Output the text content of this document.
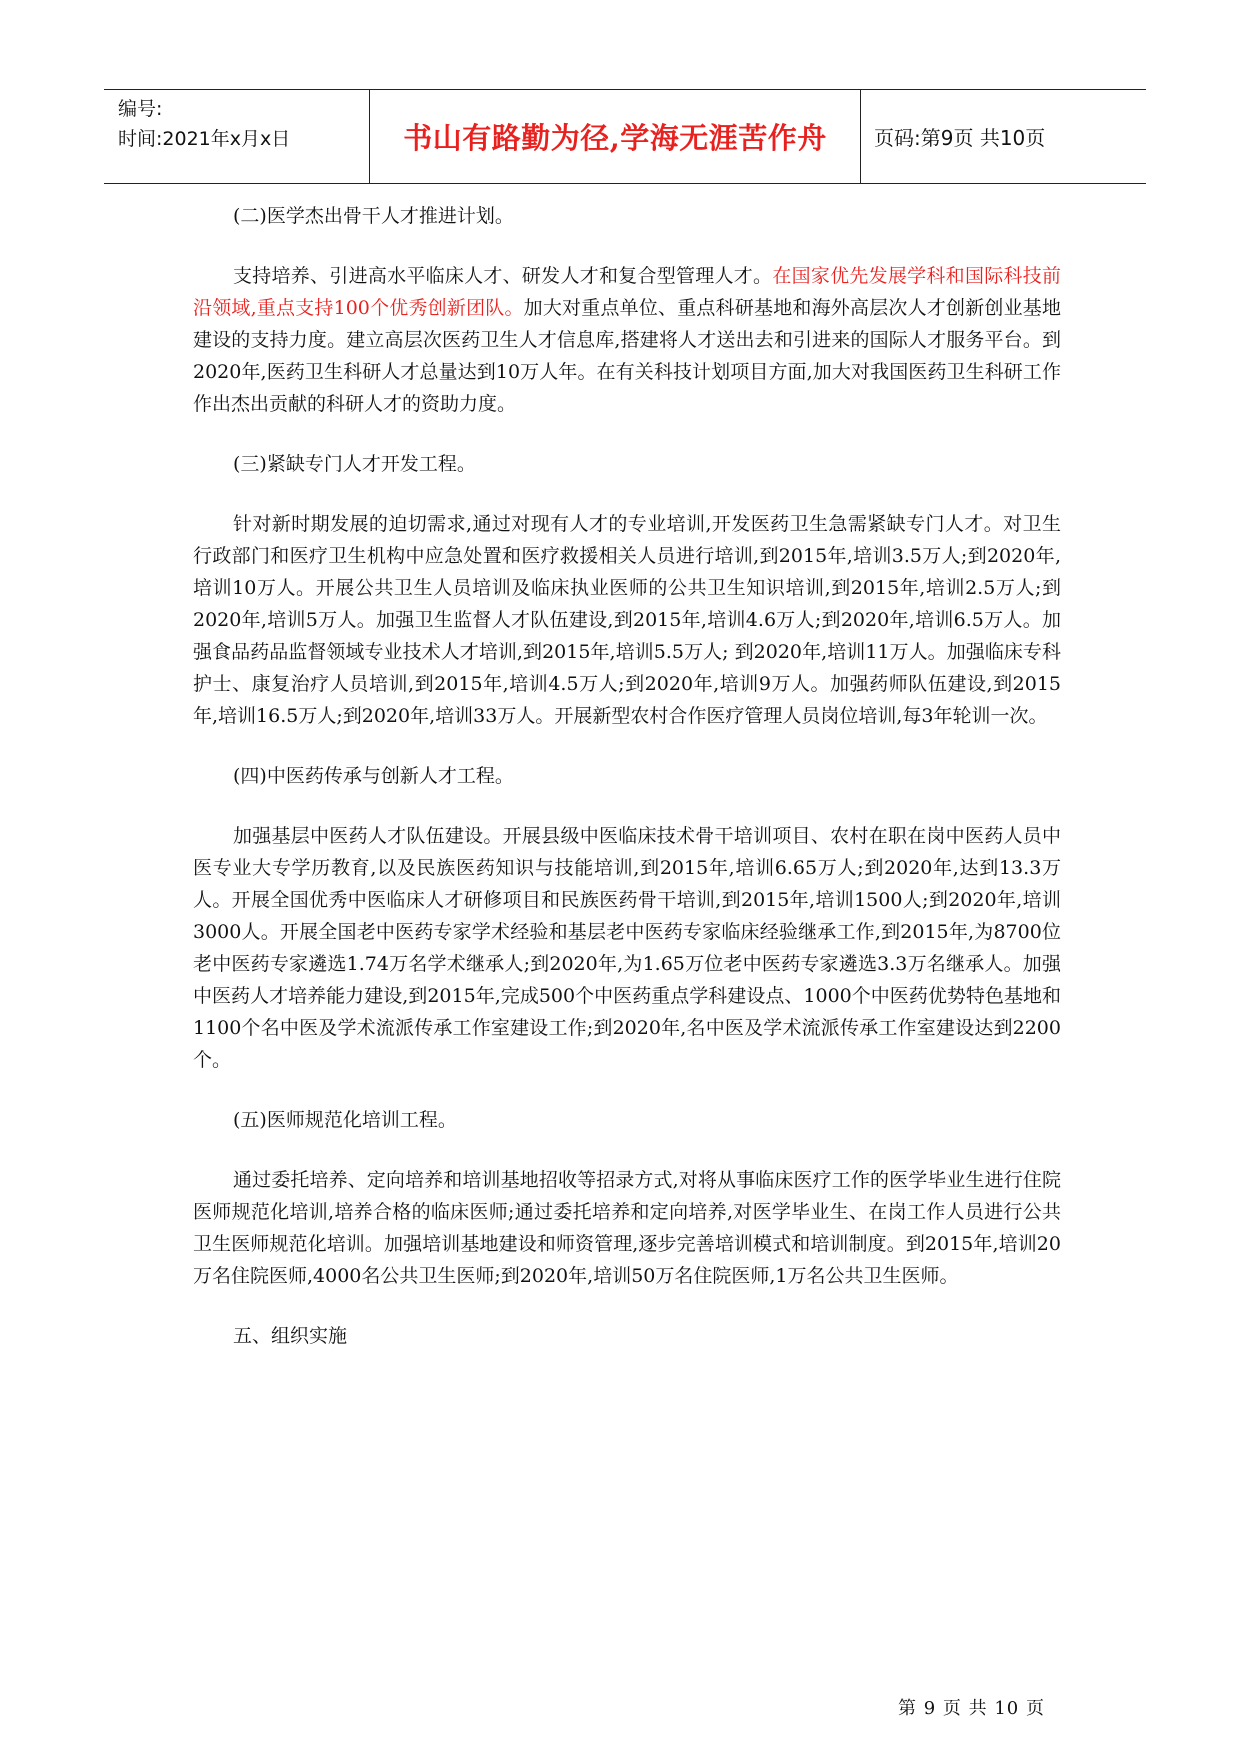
编号:
时间:2021年x月x日	书山有路勤为径,学海无涯苦作舟	页码:第9页 共10页

(二)医学杰出骨干人才推进计划。

支持培养、引进高水平临床人才、研发人才和复合型管理人才。在国家优先发展学科和国际科技前沿领域,重点支持100个优秀创新团队。加大对重点单位、重点科研基地和海外高层次人才创新创业基地建设的支持力度。建立高层次医药卫生人才信息库,搭建将人才送出去和引进来的国际人才服务平台。到2020年,医药卫生科研人才总量达到10万人年。在有关科技计划项目方面,加大对我国医药卫生科研工作作出杰出贡献的科研人才的资助力度。

(三)紧缺专门人才开发工程。

针对新时期发展的迫切需求,通过对现有人才的专业培训,开发医药卫生急需紧缺专门人才。对卫生行政部门和医疗卫生机构中应急处置和医疗救援相关人员进行培训,到2015年,培训3.5万人;到2020年,培训10万人。开展公共卫生人员培训及临床执业医师的公共卫生知识培训,到2015年,培训2.5万人;到2020年,培训5万人。加强卫生监督人才队伍建设,到2015年,培训4.6万人;到2020年,培训6.5万人。加强食品药品监督领域专业技术人才培训,到2015年,培训5.5万人; 到2020年,培训11万人。加强临床专科护士、康复治疗人员培训,到2015年,培训4.5万人;到2020年,培训9万人。加强药师队伍建设,到2015年,培训16.5万人;到2020年,培训33万人。开展新型农村合作医疗管理人员岗位培训,每3年轮训一次。

(四)中医药传承与创新人才工程。

加强基层中医药人才队伍建设。开展县级中医临床技术骨干培训项目、农村在职在岗中医药人员中医专业大专学历教育,以及民族医药知识与技能培训,到2015年,培训6.65万人;到2020年,达到13.3万人。开展全国优秀中医临床人才研修项目和民族医药骨干培训,到2015年,培训1500人;到2020年,培训3000人。开展全国老中医药专家学术经验和基层老中医药专家临床经验继承工作,到2015年,为8700位老中医药专家遴选1.74万名学术继承人;到2020年,为1.65万位老中医药专家遴选3.3万名继承人。加强中医药人才培养能力建设,到2015年,完成500个中医药重点学科建设点、1000个中医药优势特色基地和1100个名中医及学术流派传承工作室建设工作;到2020年,名中医及学术流派传承工作室建设达到2200个。

(五)医师规范化培训工程。

通过委托培养、定向培养和培训基地招收等招录方式,对将从事临床医疗工作的医学毕业生进行住院医师规范化培训,培养合格的临床医师;通过委托培养和定向培养,对医学毕业生、在岗工作人员进行公共卫生医师规范化培训。加强培训基地建设和师资管理,逐步完善培训模式和培训制度。到2015年,培训20万名住院医师,4000名公共卫生医师;到2020年,培训50万名住院医师,1万名公共卫生医师。

五、组织实施

第 9 页 共 10 页
